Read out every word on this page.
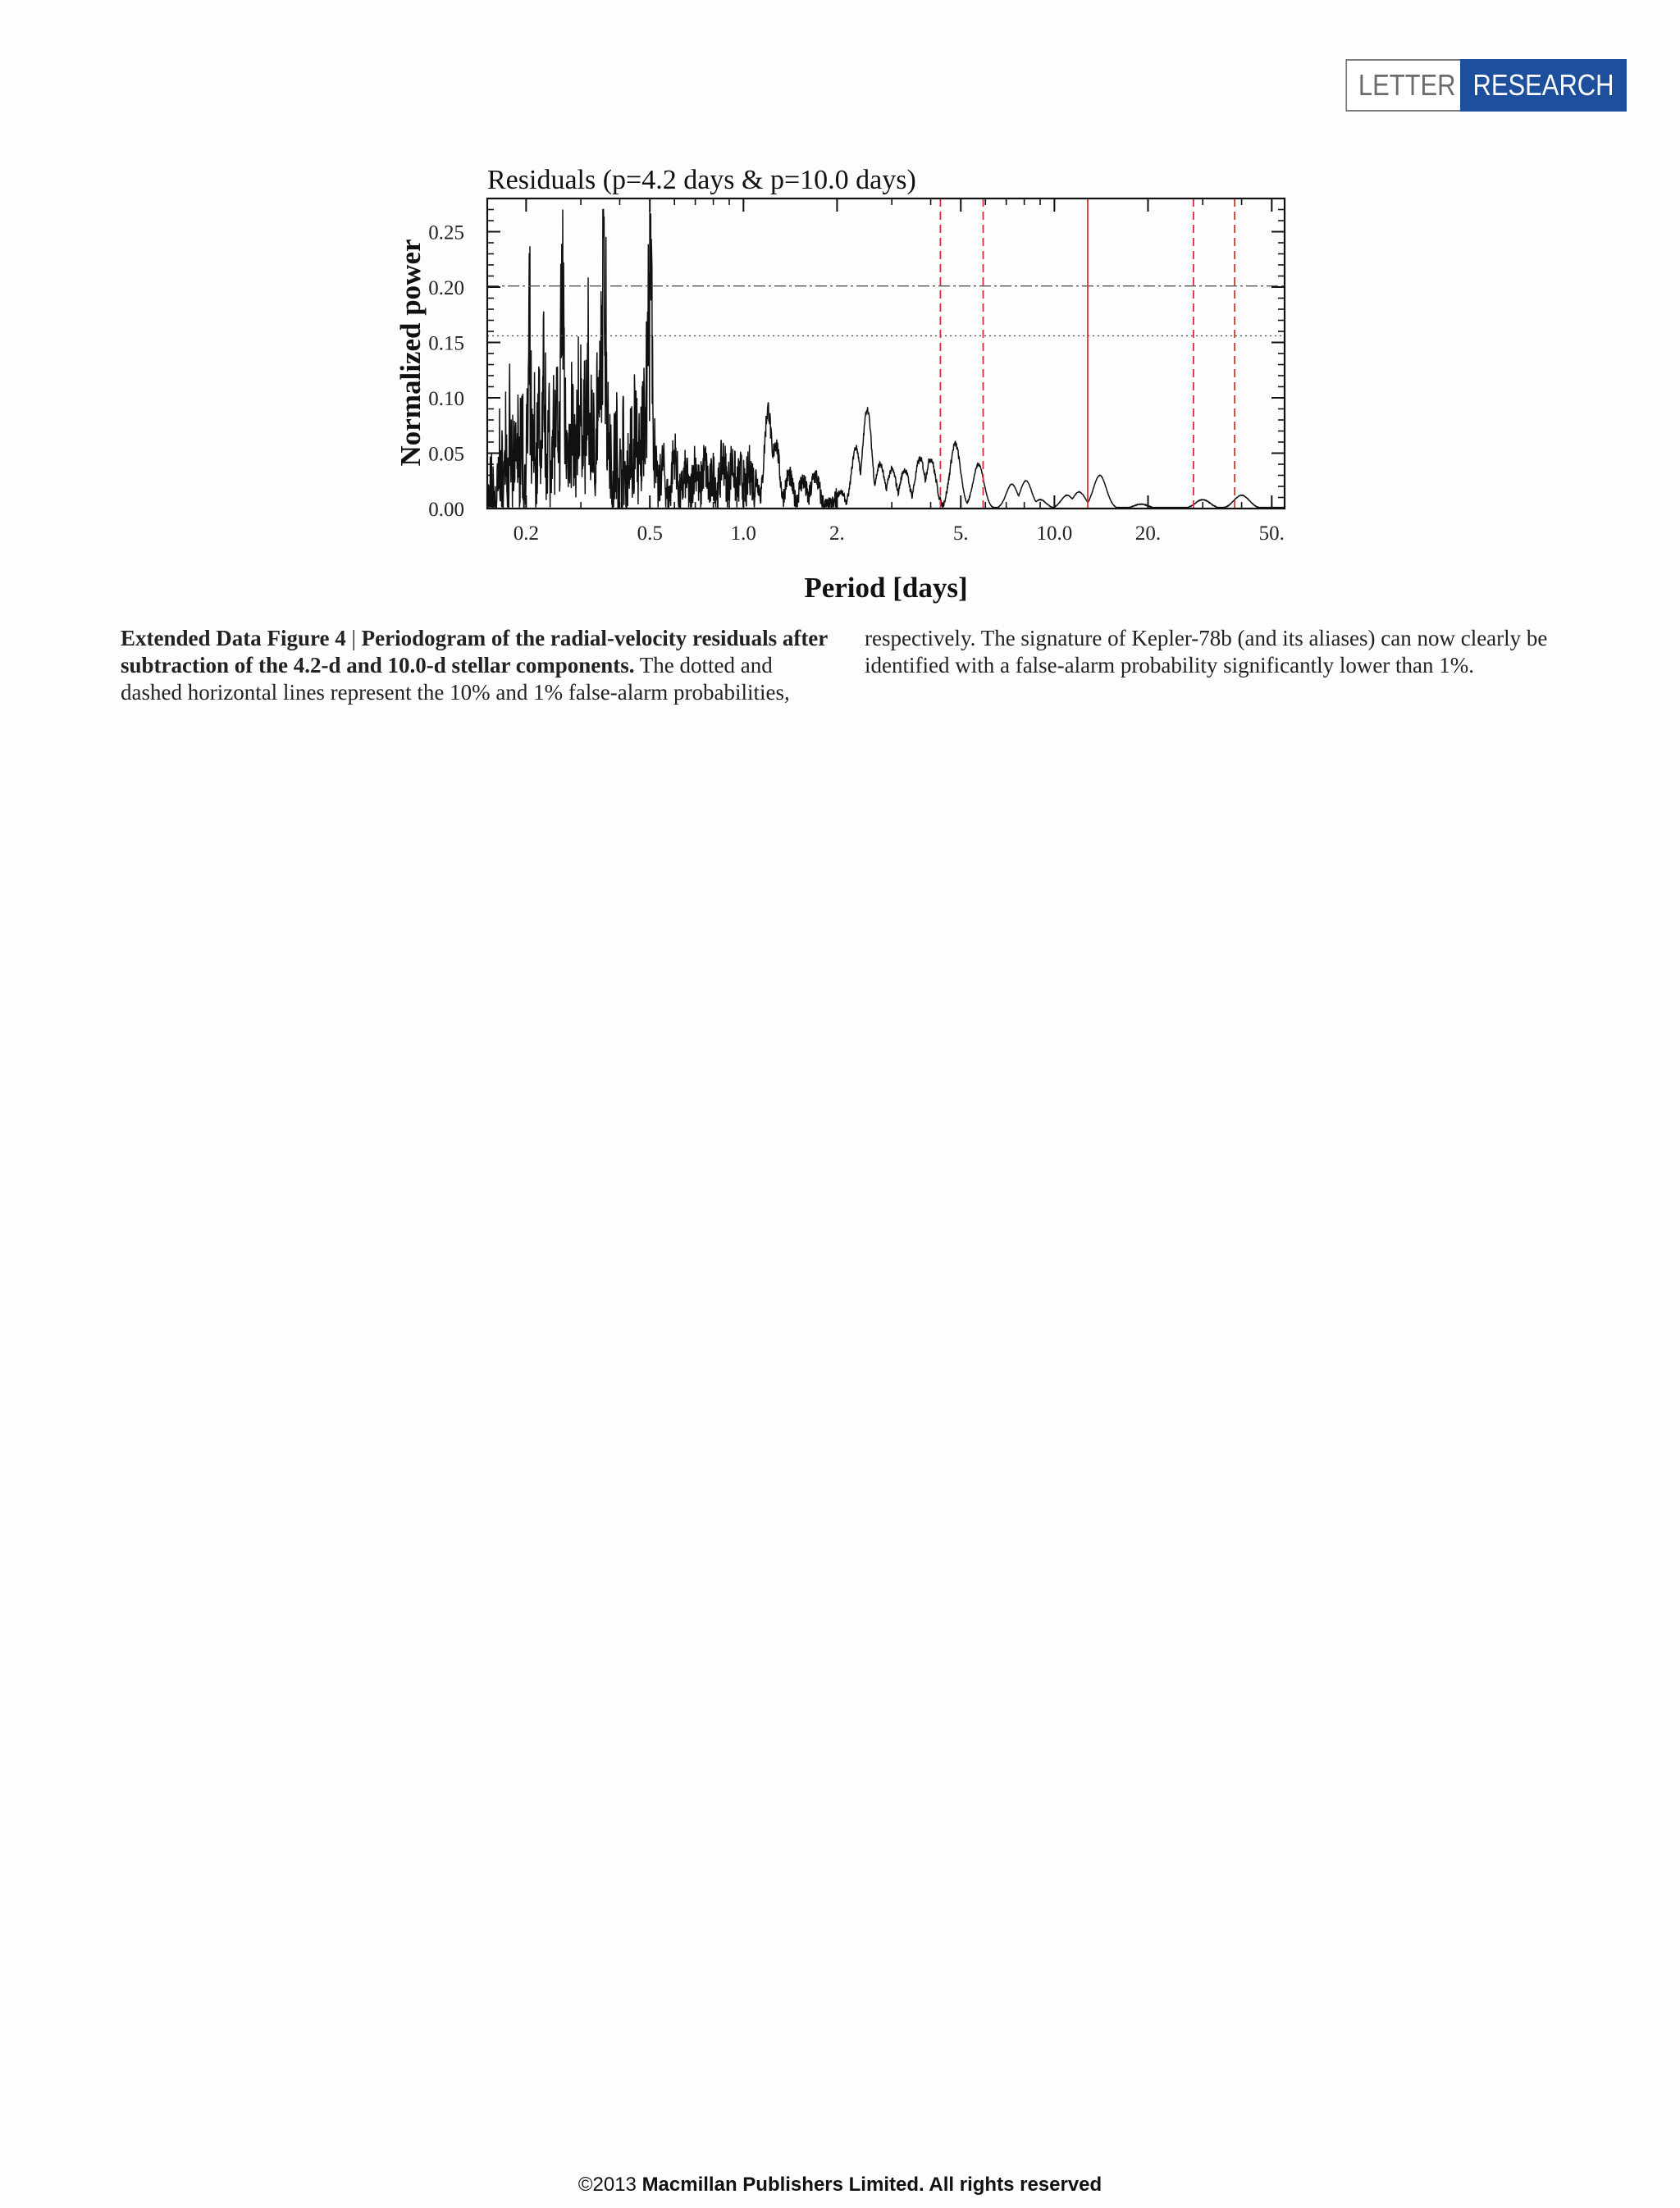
LETTER RESEARCH
Residuals (p=4.2 days & p=10.0 days)
Normalized power
Period [days]
0.00
0.05
0.10
0.15
0.20
0.25
0.2	0.5	1.0	2.	5.	10.0	20.	50.
Extended Data Figure 4 | Periodogram of the radial-velocity residuals after subtraction of the 4.2-d and 10.0-d stellar components. The dotted and dashed horizontal lines represent the 10% and 1% false-alarm probabilities,
respectively. The signature of Kepler-78b (and its aliases) can now clearly be identified with a false-alarm probability significantly lower than 1%.
©2013 Macmillan Publishers Limited. All rights reserved
